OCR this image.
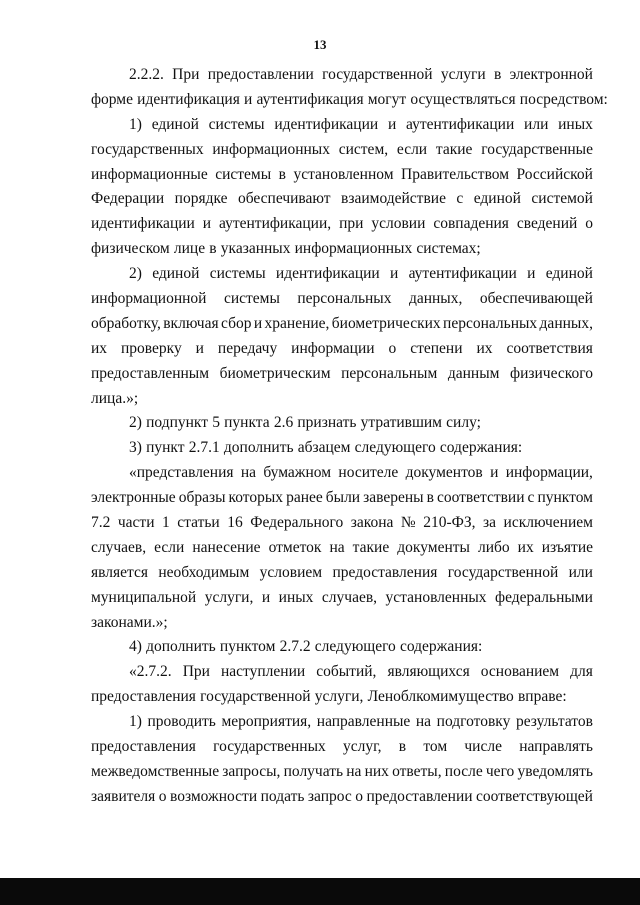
13
2.2.2. При предоставлении государственной услуги в электронной
форме идентификация и аутентификация могут осуществляться посредством:
1) единой системы идентификации и аутентификации или иных
государственных информационных систем, если такие государственные
информационные системы в установленном Правительством Российской
Федерации порядке обеспечивают взаимодействие с единой системой
идентификации и аутентификации, при условии совпадения сведений о
физическом лице в указанных информационных системах;
2) единой системы идентификации и аутентификации и единой
информационной системы персональных данных, обеспечивающей
обработку, включая сбор и хранение, биометрических персональных данных,
их проверку и передачу информации о степени их соответствия
предоставленным биометрическим персональным данным физического
лица.»;
2) подпункт 5 пункта 2.6 признать утратившим силу;
3) пункт 2.7.1 дополнить абзацем следующего содержания:
«представления на бумажном носителе документов и информации,
электронные образы которых ранее были заверены в соответствии с пунктом
7.2 части 1 статьи 16 Федерального закона № 210-ФЗ, за исключением
случаев, если нанесение отметок на такие документы либо их изъятие
является необходимым условием предоставления государственной или
муниципальной услуги, и иных случаев, установленных федеральными
законами.»;
4) дополнить пунктом 2.7.2 следующего содержания:
«2.7.2. При наступлении событий, являющихся основанием для
предоставления государственной услуги, Леноблкомимущество вправе:
1) проводить мероприятия, направленные на подготовку результатов
предоставления государственных услуг, в том числе направлять
межведомственные запросы, получать на них ответы, после чего уведомлять
заявителя о возможности подать запрос о предоставлении соответствующей
